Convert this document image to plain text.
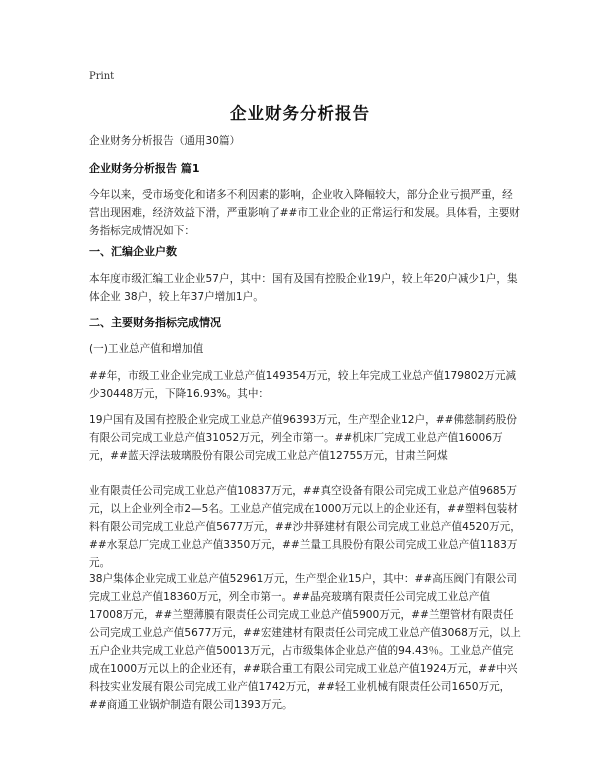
Print
企业财务分析报告
企业财务分析报告（通用30篇）
企业财务分析报告 篇1
今年以来，受市场变化和诸多不利因素的影响，企业收入降幅较大，部分企业亏损严重，经营出现困难，经济效益下滑，严重影响了##市工业企业的正常运行和发展。具体看，主要财务指标完成情况如下：
一、汇编企业户数
本年度市级汇编工业企业57户，其中：国有及国有控股企业19户，较上年20户减少1户，集体企业 38户，较上年37户增加1户。
二、主要财务指标完成情况
(一)工业总产值和增加值
##年，市级工业企业完成工业总产值149354万元，较上年完成工业总产值179802万元减少30448万元，下降16.93%。其中：
19户国有及国有控股企业完成工业总产值96393万元，生产型企业12户，##佛慈制药股份有限公司完成工业总产值31052万元，列全市第一。##机床厂完成工业总产值16006万元，##蓝天浮法玻璃股份有限公司完成工业总产值12755万元，甘肃兰阿煤
业有限责任公司完成工业总产值10837万元，##真空设备有限公司完成工业总产值9685万元，以上企业列全市2—5名。工业总产值完成在1000万元以上的企业还有，##塑料包装材料有限公司完成工业总产值5677万元，##沙井驿建材有限公司完成工业总产值4520万元，##水泵总厂完成工业总产值3350万元，##兰量工具股份有限公司完成工业总产值1183万元。
38户集体企业完成工业总产值52961万元，生产型企业15户，其中：##高压阀门有限公司完成工业总产值18360万元，列全市第一。##晶亮玻璃有限责任公司完成工业总产值17008万元，##兰塑薄膜有限责任公司完成工业总产值5900万元，##兰塑管材有限责任公司完成工业总产值5677万元，##宏建建材有限责任公司完成工业总产值3068万元，以上五户企业共完成工业总产值50013万元，占市级集体企业总产值的94.43％。工业总产值完成在1000万元以上的企业还有，##联合重工有限公司完成工业总产值1924万元，##中兴科技实业发展有限公司完成工业产值1742万元，##轻工业机械有限责任公司1650万元，##商通工业锅炉制造有限公司1393万元。
